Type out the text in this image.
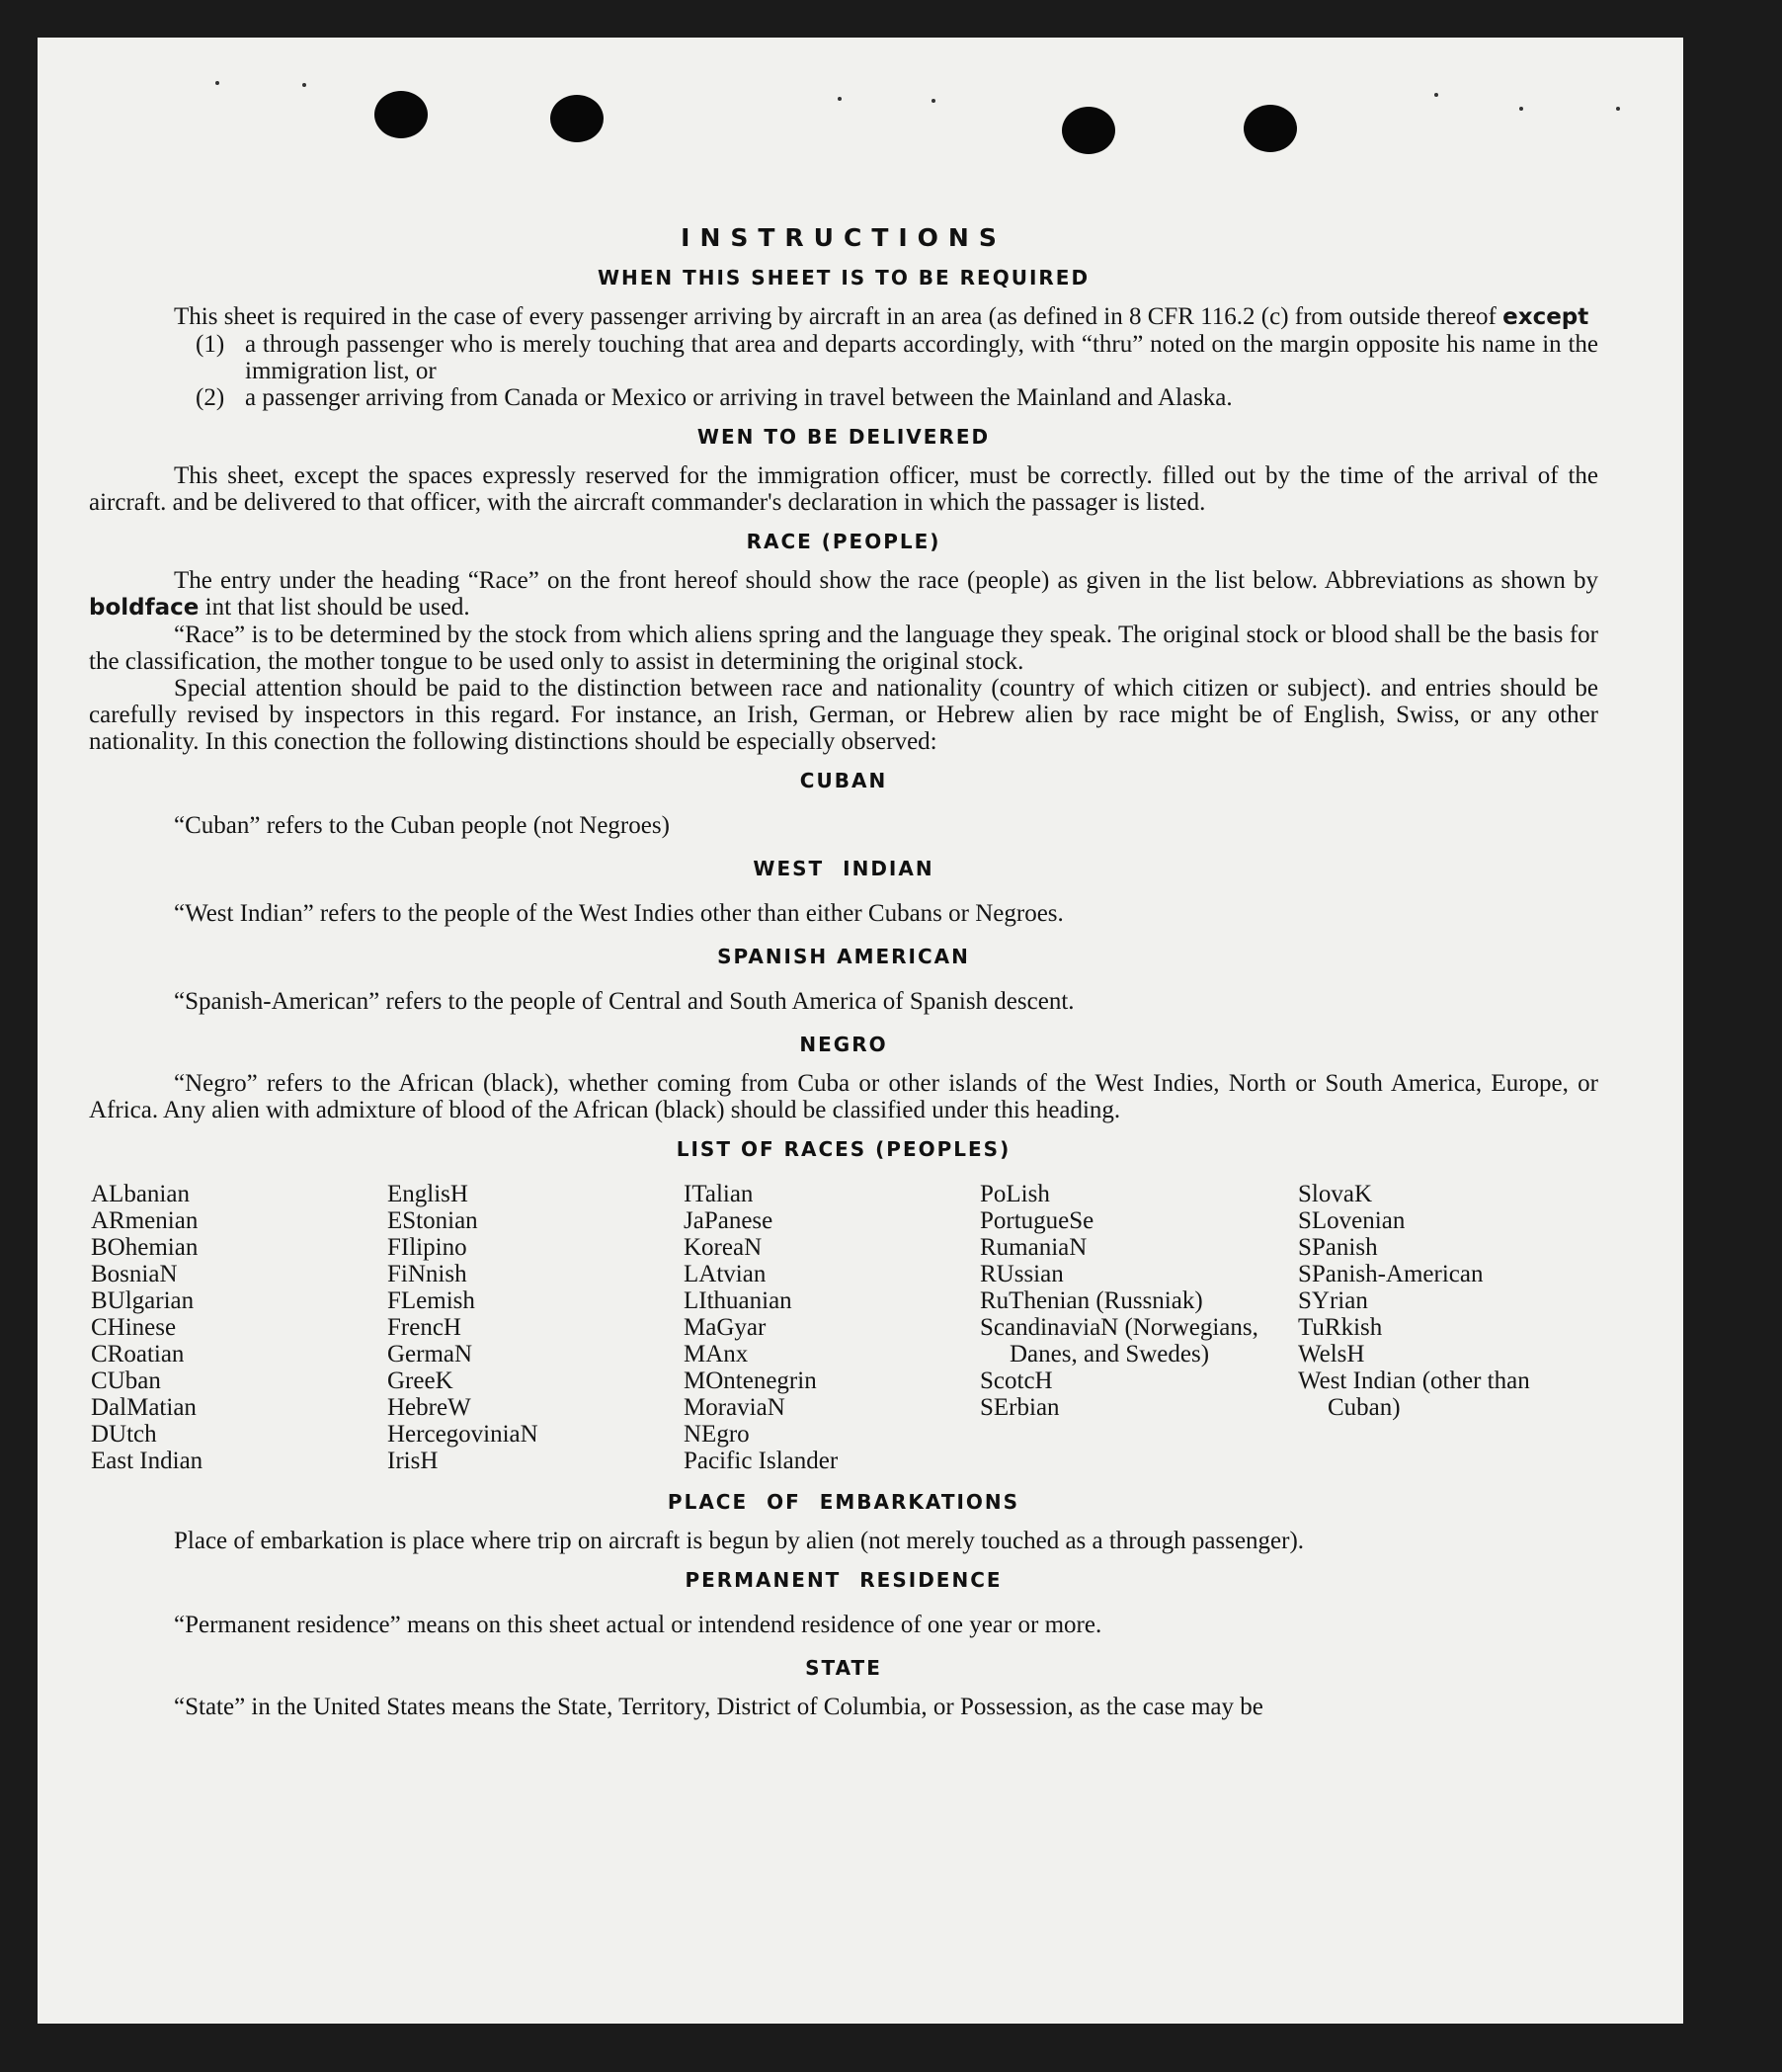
INSTRUCTIONS
WHEN THIS SHEET IS TO BE REQUIRED

This sheet is required in the case of every passenger arriving by aircraft in an area (as defined in 8 CFR 116.2 (c) from outside thereof except

(1) a through passenger who is merely touching that area and departs accordingly, with “thru” noted on the margin opposite his name in the immigration list, or
(2) a passenger arriving from Canada or Mexico or arriving in travel between the Mainland and Alaska.
WEN TO BE DELIVERED

This sheet, except the spaces expressly reserved for the immigration officer, must be correctly. filled out by the time of the arrival of the aircraft. and be delivered to that officer, with the aircraft commander's declaration in which the passager is listed.

RACE (PEOPLE)

The entry under the heading “Race” on the front hereof should show the race (people) as given in the list below. Abbreviations as shown by boldface int that list should be used.

“Race” is to be determined by the stock from which aliens spring and the language they speak. The original stock or blood shall be the basis for the classification, the mother tongue to be used only to assist in determining the original stock.

Special attention should be paid to the distinction between race and nationality (country of which citizen or subject). and entries should be carefully revised by inspectors in this regard. For instance, an Irish, German, or Hebrew alien by race might be of English, Swiss, or any other nationality. In this conection the following distinctions should be especially observed:

CUBAN

“Cuban” refers to the Cuban people (not Negroes)

WEST INDIAN

“West Indian” refers to the people of the West Indies other than either Cubans or Negroes.

SPANISH AMERICAN

“Spanish-American” refers to the people of Central and South America of Spanish descent.

NEGRO

“Negro” refers to the African (black), whether coming from Cuba or other islands of the West Indies, North or South America, Europe, or Africa. Any alien with admixture of blood of the African (black) should be classified under this heading.

LIST OF RACES (PEOPLES)
ALbanian
ARmenian
BOhemian
BosniaN
BUlgarian
CHinese
CRoatian
CUban
DalMatian
DUtch
East Indian
EnglisH
EStonian
FIlipino
FiNnish
FLemish
FrencH
GermaN
GreeK
HebreW
HercegoviniaN
IrisH
ITalian
JaPanese
KoreaN
LAtvian
LIthuanian
MaGyar
MAnx
MOntenegrin
MoraviaN
NEgro
Pacific Islander
PoLish
PortugueSe
RumaniaN
RUssian
RuThenian (Russniak)
ScandinaviaN (Norwegians, Danes, and Swedes)
ScotcH
SErbian
SlovaK
SLovenian
SPanish
SPanish-American
SYrian
TuRkish
WelsH
West Indian (other than Cuban)
PLACE OF EMBARKATIONS

Place of embarkation is place where trip on aircraft is begun by alien (not merely touched as a through passenger).

PERMANENT RESIDENCE

“Permanent residence” means on this sheet actual or intendend residence of one year or more.

STATE

“State” in the United States means the State, Territory, District of Columbia, or Possession, as the case may be
